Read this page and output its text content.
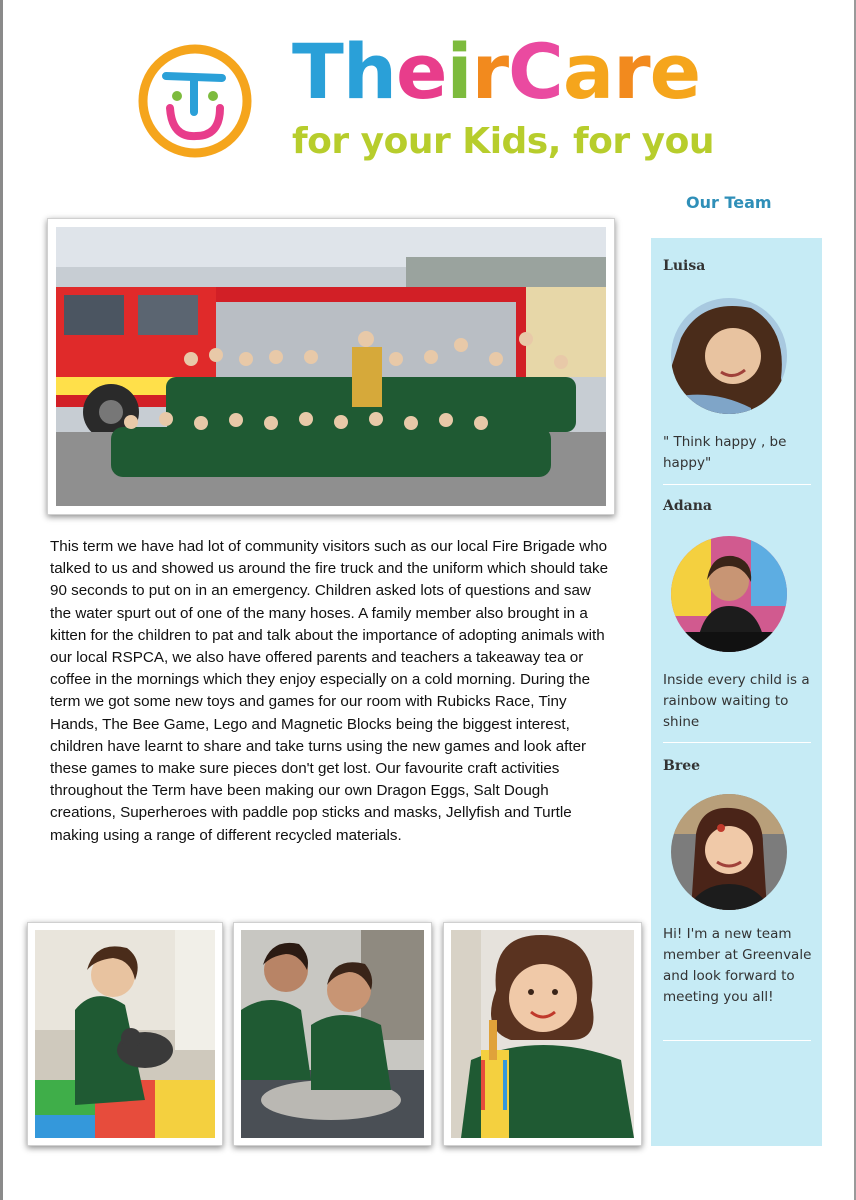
TheirCare
for your Kids, for you
Our Team

This term we have had lot of community visitors such as our local Fire Brigade who talked to us and showed us around the fire truck and the uniform which should take 90 seconds to put on in an emergency. Children asked lots of questions and saw the water spurt out of one of the many hoses. A family member also brought in a kitten for the children to pat and talk about the importance of adopting animals with our local RSPCA, we also have offered parents and teachers a takeaway tea or coffee in the mornings which they enjoy especially on a cold morning. During the term we got some new toys and games for our room with Rubicks Race, Tiny Hands, The Bee Game, Lego and Magnetic Blocks being the biggest interest, children have learnt to share and take turns using the new games and look after these games to make sure pieces don't get lost. Our favourite craft activities throughout the Term have been making our own Dragon Eggs, Salt Dough creations, Superheroes with paddle pop sticks and masks, Jellyfish and Turtle making using a range of different recycled materials.

Luisa
" Think happy , be happy"
Adana
Inside every child is a rainbow waiting to shine
Bree
Hi! I'm a new team member at Greenvale and look forward to meeting you all!
